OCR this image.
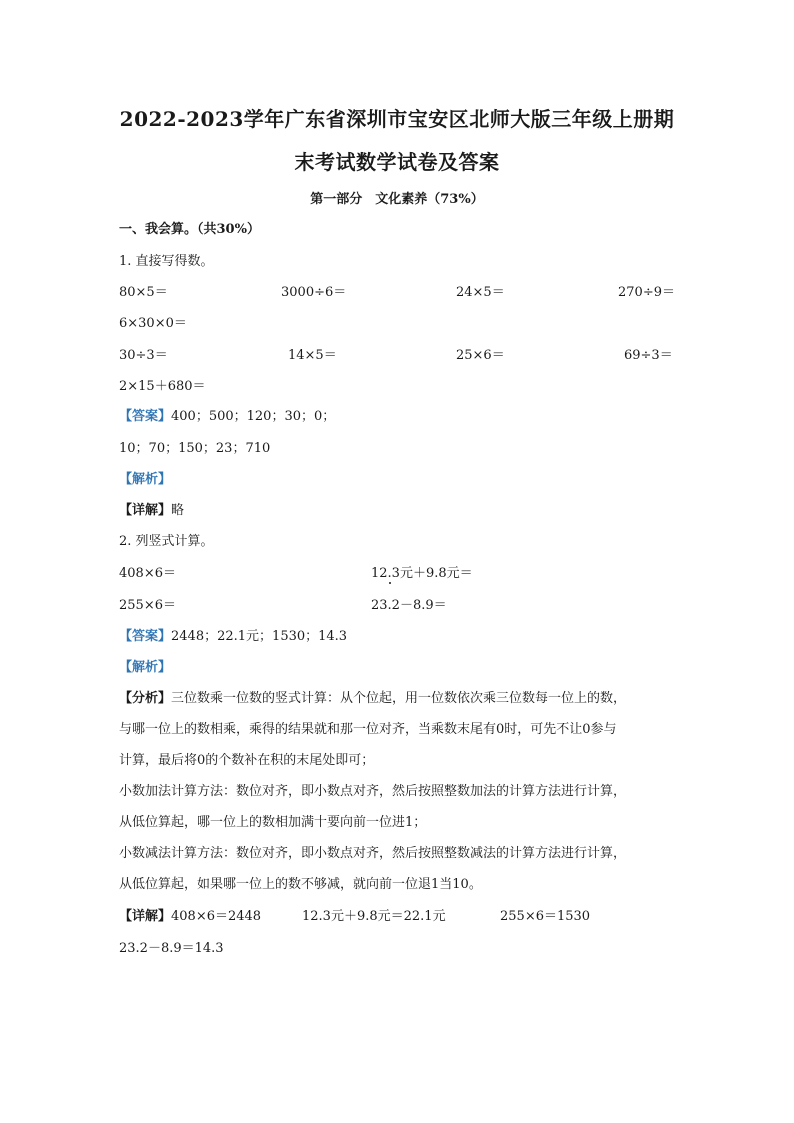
2022-2023学年广东省深圳市宝安区北师大版三年级上册期
末考试数学试卷及答案
第一部分　文化素养（73%）
一、我会算。（共30%）
1. 直接写得数。
80×5＝	3000÷6＝	24×5＝	270÷9＝
6×30×0＝
30÷3＝	14×5＝	25×6＝	69÷3＝
2×15＋680＝
【答案】400；500；120；30；0；
10；70；150；23；710
【解析】
【详解】略
2. 列竖式计算。
408×6＝	12.3元＋9.8元＝
255×6＝	23.2－8.9＝
【答案】2448；22.1元；1530；14.3
【解析】
【分析】三位数乘一位数的竖式计算：从个位起，用一位数依次乘三位数每一位上的数，
与哪一位上的数相乘，乘得的结果就和那一位对齐，当乘数末尾有0时，可先不让0参与
计算，最后将0的个数补在积的末尾处即可；
小数加法计算方法：数位对齐，即小数点对齐，然后按照整数加法的计算方法进行计算，
从低位算起，哪一位上的数相加满十要向前一位进1；
小数减法计算方法：数位对齐，即小数点对齐，然后按照整数减法的计算方法进行计算，
从低位算起，如果哪一位上的数不够减，就向前一位退1当10。
【详解】408×6＝2448	12.3元＋9.8元＝22.1元	255×6＝1530
23.2－8.9＝14.3
